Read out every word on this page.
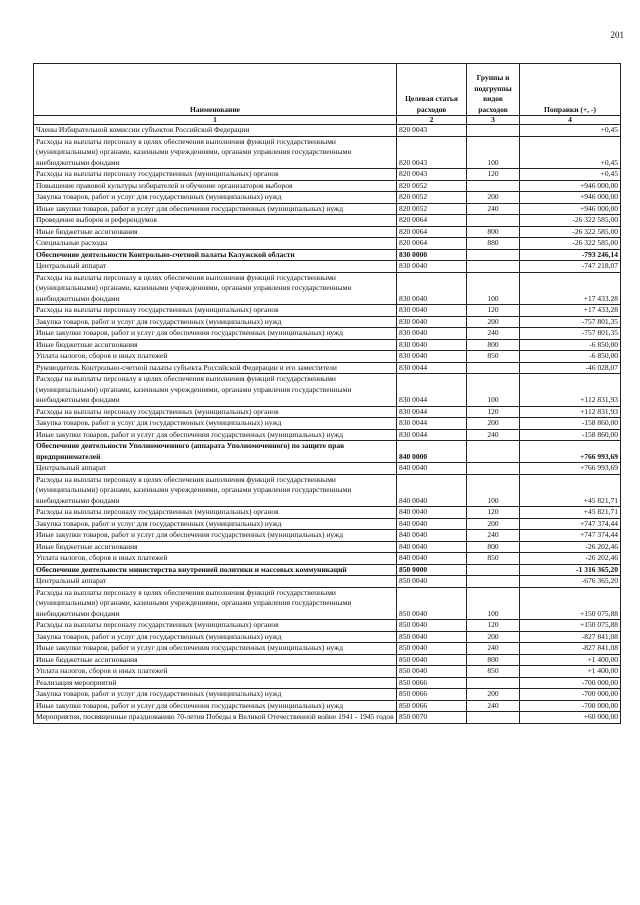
201
Наименование	Целевая статья расходов	Группы и подгруппы видов расходов	Поправки (+, -)
1	2	3	4
Члены Избирательной комиссии субъектов Российской Федерации	820 0043		+0,45
Расходы на выплаты персоналу в целях обеспечения выполнения функций государственными (муниципальными) органами, казенными учреждениями, органами управления государственными внебюджетными фондами	820 0043	100	+0,45
Расходы на выплаты персоналу государственных (муниципальных) органов	820 0043	120	+0,45
Повышение правовой культуры избирателей и обучение организаторов выборов	820 0052		+946 000,00
Закупка товаров, работ и услуг для государственных (муниципальных) нужд	820 0052	200	+946 000,00
Иные закупки товаров, работ и услуг для обеспечения государственных (муниципальных) нужд	820 0052	240	+946 000,00
Проведение выборов и референдумов	820 0064		-26 322 585,00
Иные бюджетные ассигнования	820 0064	800	-26 322 585,00
Специальные расходы	820 0064	880	-26 322 585,00
Обеспечение деятельности Контрольно-счетной палаты Калужской области	830 0000		-793 246,14
Центральный аппарат	830 0040		-747 218,07
Расходы на выплаты персоналу в целях обеспечения выполнения функций государственными (муниципальными) органами, казенными учреждениями, органами управления государственными внебюджетными фондами	830 0040	100	+17 433,28
Расходы на выплаты персоналу государственных (муниципальных) органов	830 0040	120	+17 433,28
Закупка товаров, работ и услуг для государственных (муниципальных) нужд	830 0040	200	-757 801,35
Иные закупки товаров, работ и услуг для обеспечения государственных (муниципальных) нужд	830 0040	240	-757 801,35
Иные бюджетные ассигнования	830 0040	800	-6 850,00
Уплата налогов, сборов и иных платежей	830 0040	850	-6 850,00
Руководитель Контрольно-счетной палаты субъекта Российской Федерации и его заместители	830 0044		-46 028,07
Расходы на выплаты персоналу в целях обеспечения выполнения функций государственными (муниципальными) органами, казенными учреждениями, органами управления государственными внебюджетными фондами	830 0044	100	+112 831,93
Расходы на выплаты персоналу государственных (муниципальных) органов	830 0044	120	+112 831,93
Закупка товаров, работ и услуг для государственных (муниципальных) нужд	830 0044	200	-158 860,00
Иные закупки товаров, работ и услуг для обеспечения государственных (муниципальных) нужд	830 0044	240	-158 860,00
Обеспечение деятельности Уполномоченного (аппарата Уполномоченного) по защите прав предпринимателей	840 0000		+766 993,69
Центральный аппарат	840 0040		+766 993,69
Расходы на выплаты персоналу в целях обеспечения выполнения функций государственными (муниципальными) органами, казенными учреждениями, органами управления государственными внебюджетными фондами	840 0040	100	+45 821,71
Расходы на выплаты персоналу государственных (муниципальных) органов	840 0040	120	+45 821,71
Закупка товаров, работ и услуг для государственных (муниципальных) нужд	840 0040	200	+747 374,44
Иные закупки товаров, работ и услуг для обеспечения государственных (муниципальных) нужд	840 0040	240	+747 374,44
Иные бюджетные ассигнования	840 0040	800	-26 202,46
Уплата налогов, сборов и иных платежей	840 0040	850	-26 202,46
Обеспечение деятельности министерства внутренней политики и массовых коммуникаций	850 0000		-1 316 365,20
Центральный аппарат	850 0040		-676 365,20
Расходы на выплаты персоналу в целях обеспечения выполнения функций государственными (муниципальными) органами, казенными учреждениями, органами управления государственными внебюджетными фондами	850 0040	100	+150 075,88
Расходы на выплаты персоналу государственных (муниципальных) органов	850 0040	120	+150 075,88
Закупка товаров, работ и услуг для государственных (муниципальных) нужд	850 0040	200	-827 841,08
Иные закупки товаров, работ и услуг для обеспечения государственных (муниципальных) нужд	850 0040	240	-827 841,08
Иные бюджетные ассигнования	850 0040	800	+1 400,00
Уплата налогов, сборов и иных платежей	850 0040	850	+1 400,00
Реализация мероприятий	850 0066		-700 000,00
Закупка товаров, работ и услуг для государственных (муниципальных) нужд	850 0066	200	-700 000,00
Иные закупки товаров, работ и услуг для обеспечения государственных (муниципальных) нужд	850 0066	240	-700 000,00
Мероприятия, посвященные празднованию 70-летия Победы в Великой Отечественной войне 1941 - 1945 годов	850 0070		+60 000,00
